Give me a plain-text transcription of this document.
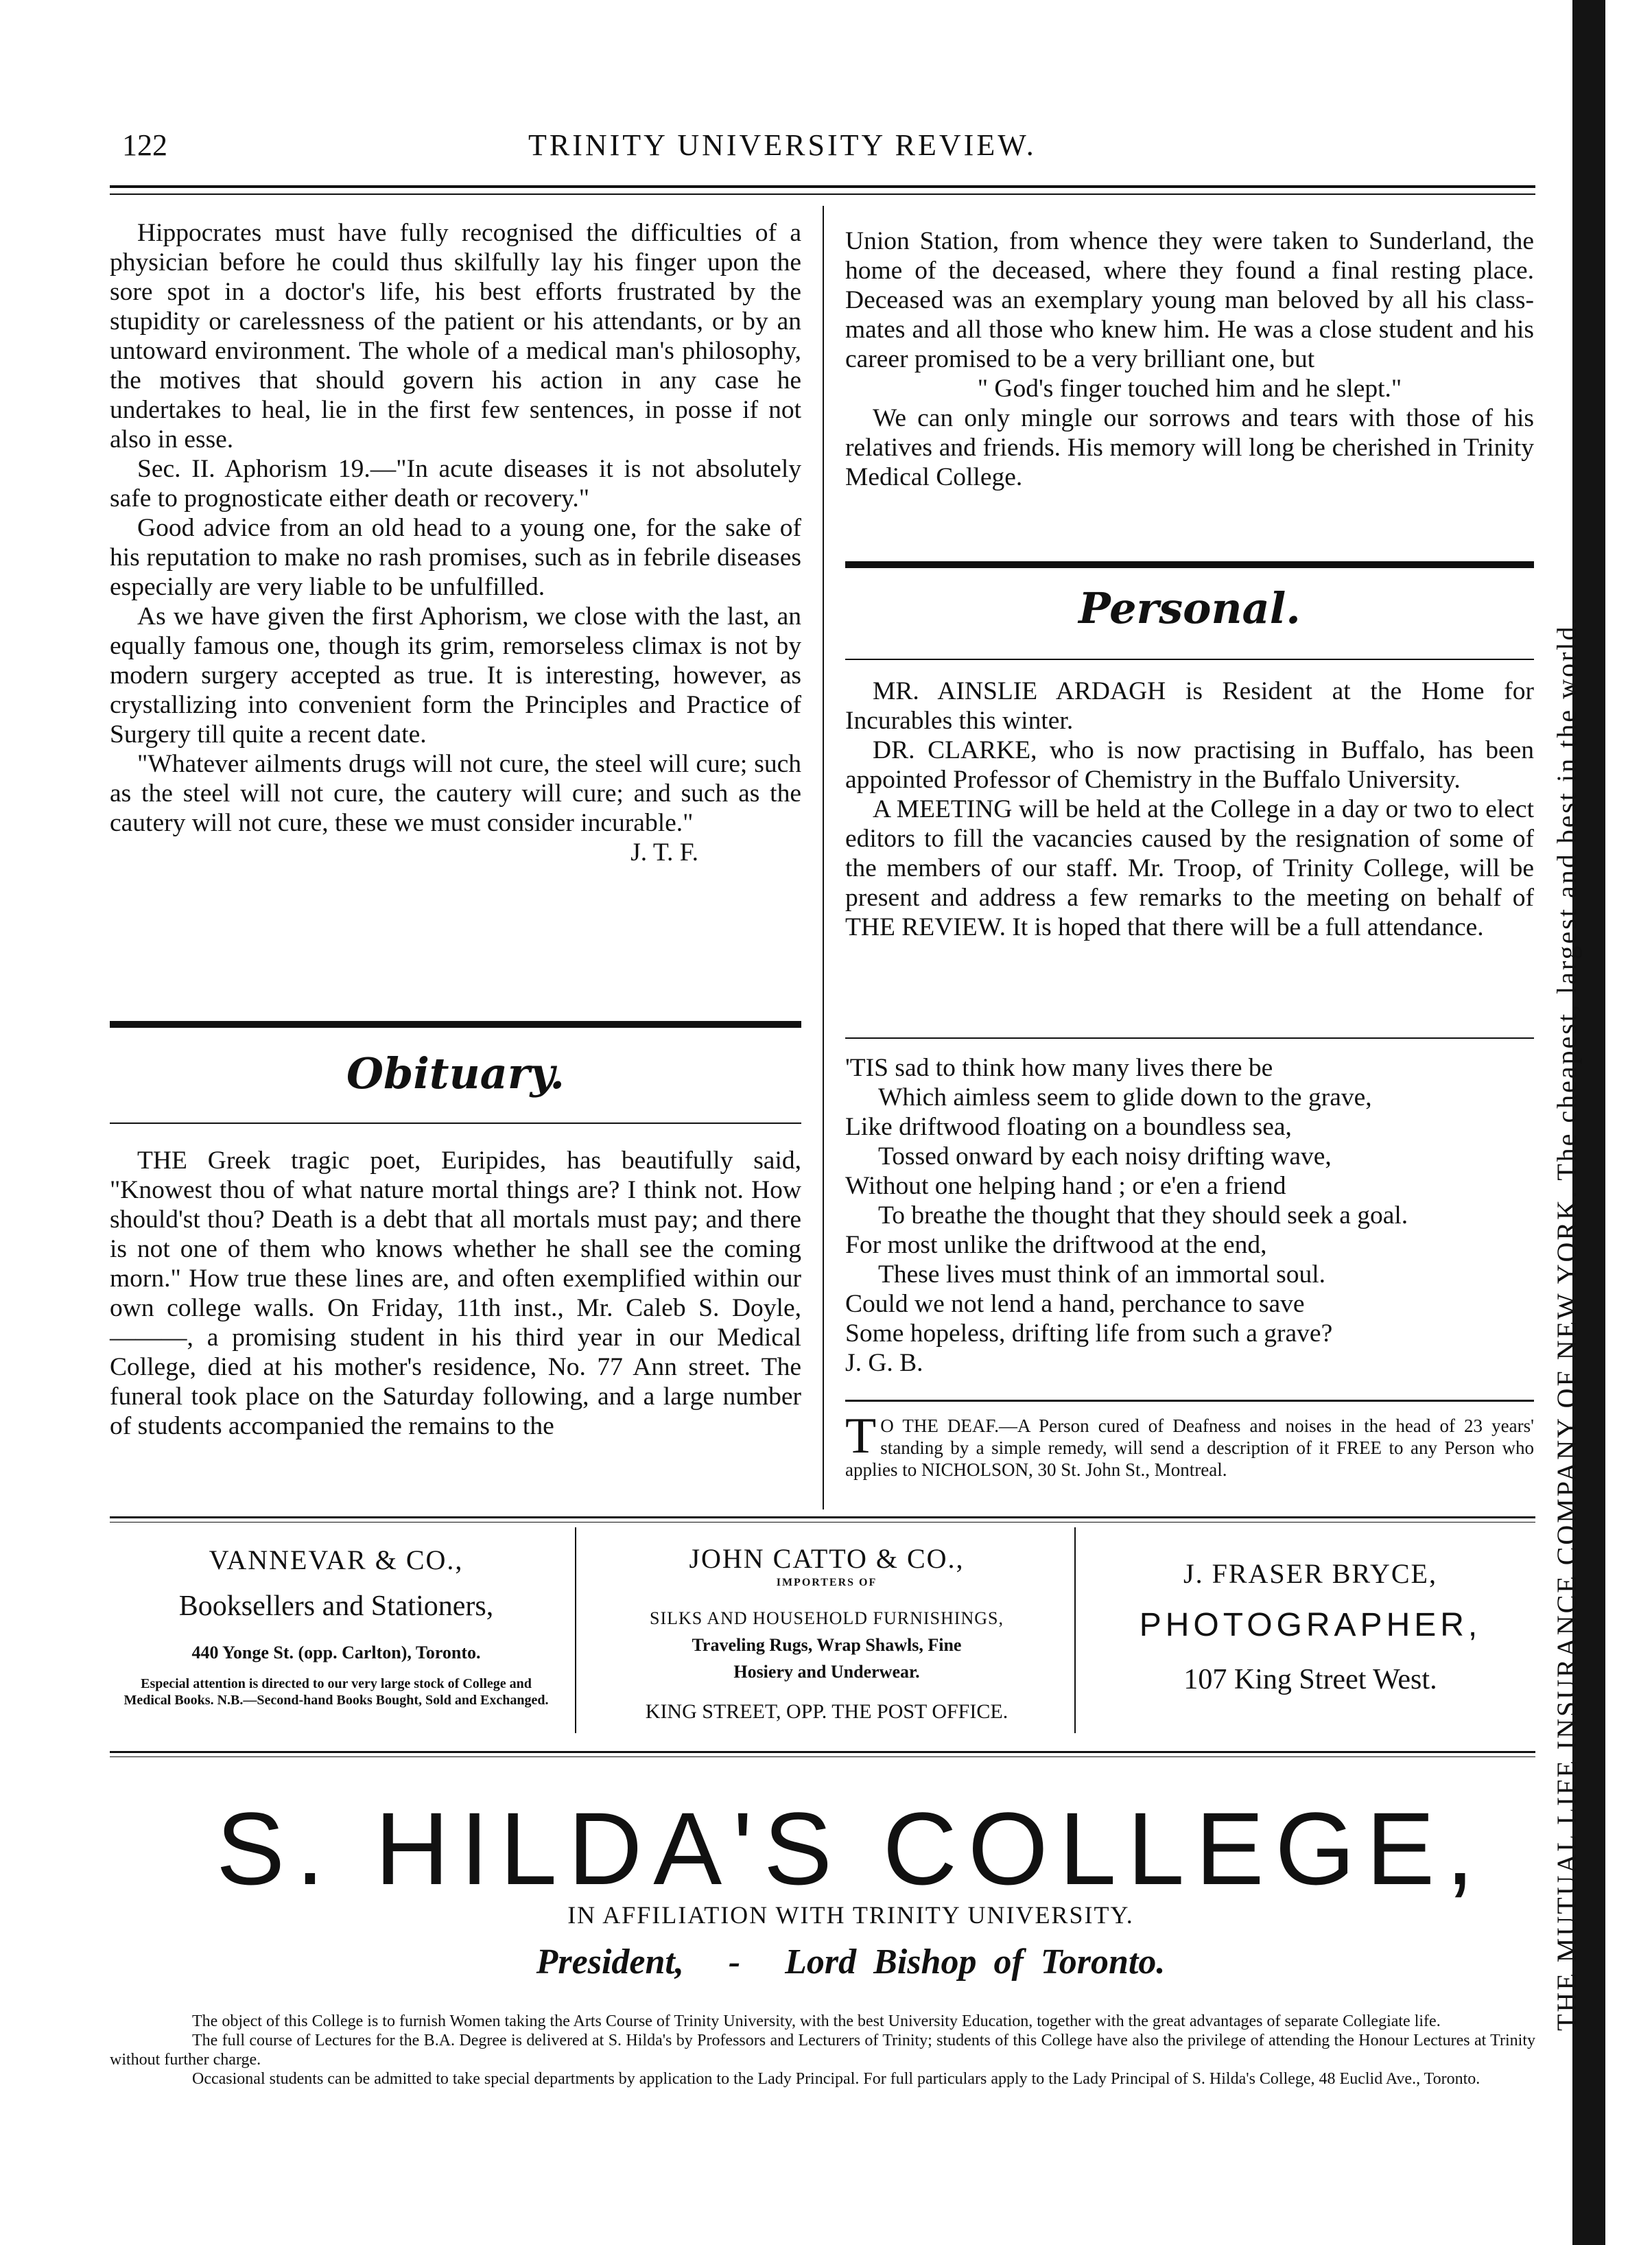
122	TRINITY UNIVERSITY REVIEW.

Hippocrates must have fully recognised the difficulties of a physician before he could thus skilfully lay his finger upon the sore spot in a doctor's life, his best efforts frustrated by the stupidity or carelessness of the patient or his attendants, or by an untoward environment. The whole of a medical man's philosophy, the motives that should govern his action in any case he undertakes to heal, lie in the first few sentences, in posse if not also in esse.

Sec. II. Aphorism 19.—"In acute diseases it is not absolutely safe to prognosticate either death or recovery."

Good advice from an old head to a young one, for the sake of his reputation to make no rash promises, such as in febrile diseases especially are very liable to be unfulfilled.

As we have given the first Aphorism, we close with the last, an equally famous one, though its grim, remorseless climax is not by modern surgery accepted as true. It is interesting, however, as crystallizing into convenient form the Principles and Practice of Surgery till quite a recent date.

"Whatever ailments drugs will not cure, the steel will cure; such as the steel will not cure, the cautery will cure; and such as the cautery will not cure, these we must consider incurable."

J. T. F.

Obituary.

THE Greek tragic poet, Euripides, has beautifully said, "Knowest thou of what nature mortal things are? I think not. How should'st thou? Death is a debt that all mortals must pay; and there is not one of them who knows whether he shall see the coming morn." How true these lines are, and often exemplified within our own college walls. On Friday, 11th inst., Mr. Caleb S. Doyle, ———, a promising student in his third year in our Medical College, died at his mother's residence, No. 77 Ann street. The funeral took place on the Saturday following, and a large number of students accompanied the remains to the

Union Station, from whence they were taken to Sunderland, the home of the deceased, where they found a final resting place. Deceased was an exemplary young man beloved by all his class-mates and all those who knew him. He was a close student and his career promised to be a very brilliant one, but

" God's finger touched him and he slept."

We can only mingle our sorrows and tears with those of his relatives and friends. His memory will long be cherished in Trinity Medical College.

Personal.

MR. AINSLIE ARDAGH is Resident at the Home for Incurables this winter.

DR. CLARKE, who is now practising in Buffalo, has been appointed Professor of Chemistry in the Buffalo University.

A MEETING will be held at the College in a day or two to elect editors to fill the vacancies caused by the resignation of some of the members of our staff. Mr. Troop, of Trinity College, will be present and address a few remarks to the meeting on behalf of THE REVIEW. It is hoped that there will be a full attendance.

'TIS sad to think how many lives there be

Which aimless seem to glide down to the grave,

Like driftwood floating on a boundless sea,

Tossed onward by each noisy drifting wave,

Without one helping hand ; or e'en a friend

To breathe the thought that they should seek a goal.

For most unlike the driftwood at the end,

These lives must think of an immortal soul.

Could we not lend a hand, perchance to save

Some hopeless, drifting life from such a grave?

J. G. B.

T O THE DEAF.—A Person cured of Deafness and noises in the head of 23 years' standing by a simple remedy, will send a description of it FREE to any Person who applies to NICHOLSON, 30 St. John St., Montreal.
VANNEVAR & CO.,
Booksellers and Stationers,
440 Yonge St. (opp. Carlton), Toronto.
Especial attention is directed to our very large stock of College and Medical Books. N.B.—Second-hand Books Bought, Sold and Exchanged.
JOHN CATTO & CO.,
IMPORTERS OF
SILKS AND HOUSEHOLD FURNISHINGS,
Traveling Rugs, Wrap Shawls, Fine
Hosiery and Underwear.
KING STREET, OPP. THE POST OFFICE.
J. FRASER BRYCE,
PHOTOGRAPHER,
107 King Street West.
S. HILDA'S COLLEGE,
IN AFFILIATION WITH TRINITY UNIVERSITY.
President, - Lord Bishop of Toronto.

The object of this College is to furnish Women taking the Arts Course of Trinity University, with the best University Education, together with the great advantages of separate Collegiate life.

The full course of Lectures for the B.A. Degree is delivered at S. Hilda's by Professors and Lecturers of Trinity; students of this College have also the privilege of attending the Honour Lectures at Trinity without further charge.

Occasional students can be admitted to take special departments by application to the Lady Principal. For full particulars apply to the Lady Principal of S. Hilda's College, 48 Euclid Ave., Toronto.

THE MUTUAL LIFE INSURANCE COMPANY OF NEW YORK. The cheapest, largest and best in the world.
